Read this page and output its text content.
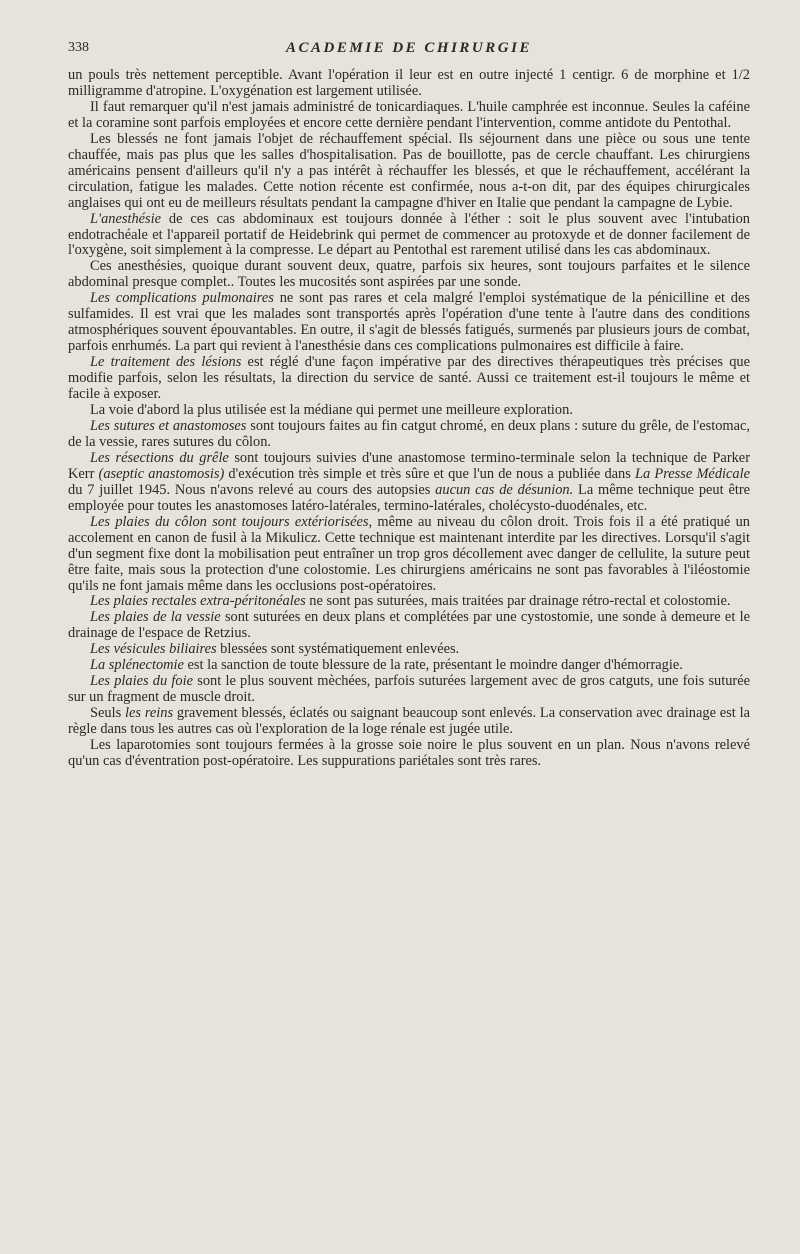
338	ACADEMIE DE CHIRURGIE

un pouls très nettement perceptible. Avant l'opération il leur est en outre injecté 1 centigr. 6 de morphine et 1/2 milligramme d'atropine. L'oxygénation est largement utilisée.

Il faut remarquer qu'il n'est jamais administré de tonicardiaques. L'huile camphrée est inconnue. Seules la caféine et la coramine sont parfois employées et encore cette dernière pendant l'intervention, comme antidote du Pentothal.

Les blessés ne font jamais l'objet de réchauffement spécial. Ils séjournent dans une pièce ou sous une tente chauffée, mais pas plus que les salles d'hospitalisation. Pas de bouillotte, pas de cercle chauffant. Les chirurgiens américains pensent d'ailleurs qu'il n'y a pas intérêt à réchauffer les blessés, et que le réchauffement, accélérant la circulation, fatigue les malades. Cette notion récente est confirmée, nous a-t-on dit, par des équipes chirurgicales anglaises qui ont eu de meilleurs résultats pendant la campagne d'hiver en Italie que pendant la campagne de Lybie.

L'anesthésie de ces cas abdominaux est toujours donnée à l'éther : soit le plus souvent avec l'intubation endotrachéale et l'appareil portatif de Heidebrink qui permet de commencer au protoxyde et de donner facilement de l'oxygène, soit simplement à la compresse. Le départ au Pentothal est rarement utilisé dans les cas abdominaux.

Ces anesthésies, quoique durant souvent deux, quatre, parfois six heures, sont toujours parfaites et le silence abdominal presque complet.. Toutes les mucosités sont aspirées par une sonde.

Les complications pulmonaires ne sont pas rares et cela malgré l'emploi systématique de la pénicilline et des sulfamides. Il est vrai que les malades sont transportés après l'opération d'une tente à l'autre dans des conditions atmosphériques souvent épouvantables. En outre, il s'agit de blessés fatigués, surmenés par plusieurs jours de combat, parfois enrhumés. La part qui revient à l'anesthésie dans ces complications pulmonaires est difficile à faire.

Le traitement des lésions est réglé d'une façon impérative par des directives thérapeutiques très précises que modifie parfois, selon les résultats, la direction du service de santé. Aussi ce traitement est-il toujours le même et facile à exposer.

La voie d'abord la plus utilisée est la médiane qui permet une meilleure exploration.

Les sutures et anastomoses sont toujours faites au fin catgut chromé, en deux plans : suture du grêle, de l'estomac, de la vessie, rares sutures du côlon.

Les résections du grêle sont toujours suivies d'une anastomose termino-terminale selon la technique de Parker Kerr (aseptic anastomosis) d'exécution très simple et très sûre et que l'un de nous a publiée dans La Presse Médicale du 7 juillet 1945. Nous n'avons relevé au cours des autopsies aucun cas de désunion. La même technique peut être employée pour toutes les anastomoses latéro-latérales, termino-latérales, cholécysto-duodénales, etc.

Les plaies du côlon sont toujours extériorisées, même au niveau du côlon droit. Trois fois il a été pratiqué un accolement en canon de fusil à la Mikulicz. Cette technique est maintenant interdite par les directives. Lorsqu'il s'agit d'un segment fixe dont la mobilisation peut entraîner un trop gros décollement avec danger de cellulite, la suture peut être faite, mais sous la protection d'une colostomie. Les chirurgiens américains ne sont pas favorables à l'iléostomie qu'ils ne font jamais même dans les occlusions post-opératoires.

Les plaies rectales extra-péritonéales ne sont pas suturées, mais traitées par drainage rétro-rectal et colostomie.

Les plaies de la vessie sont suturées en deux plans et complétées par une cystostomie, une sonde à demeure et le drainage de l'espace de Retzius.

Les vésicules biliaires blessées sont systématiquement enlevées.

La splénectomie est la sanction de toute blessure de la rate, présentant le moindre danger d'hémorragie.

Les plaies du foie sont le plus souvent mèchées, parfois suturées largement avec de gros catguts, une fois suturée sur un fragment de muscle droit.

Seuls les reins gravement blessés, éclatés ou saignant beaucoup sont enlevés. La conservation avec drainage est la règle dans tous les autres cas où l'exploration de la loge rénale est jugée utile.

Les laparotomies sont toujours fermées à la grosse soie noire le plus souvent en un plan. Nous n'avons relevé qu'un cas d'éventration post-opératoire. Les suppurations pariétales sont très rares.
